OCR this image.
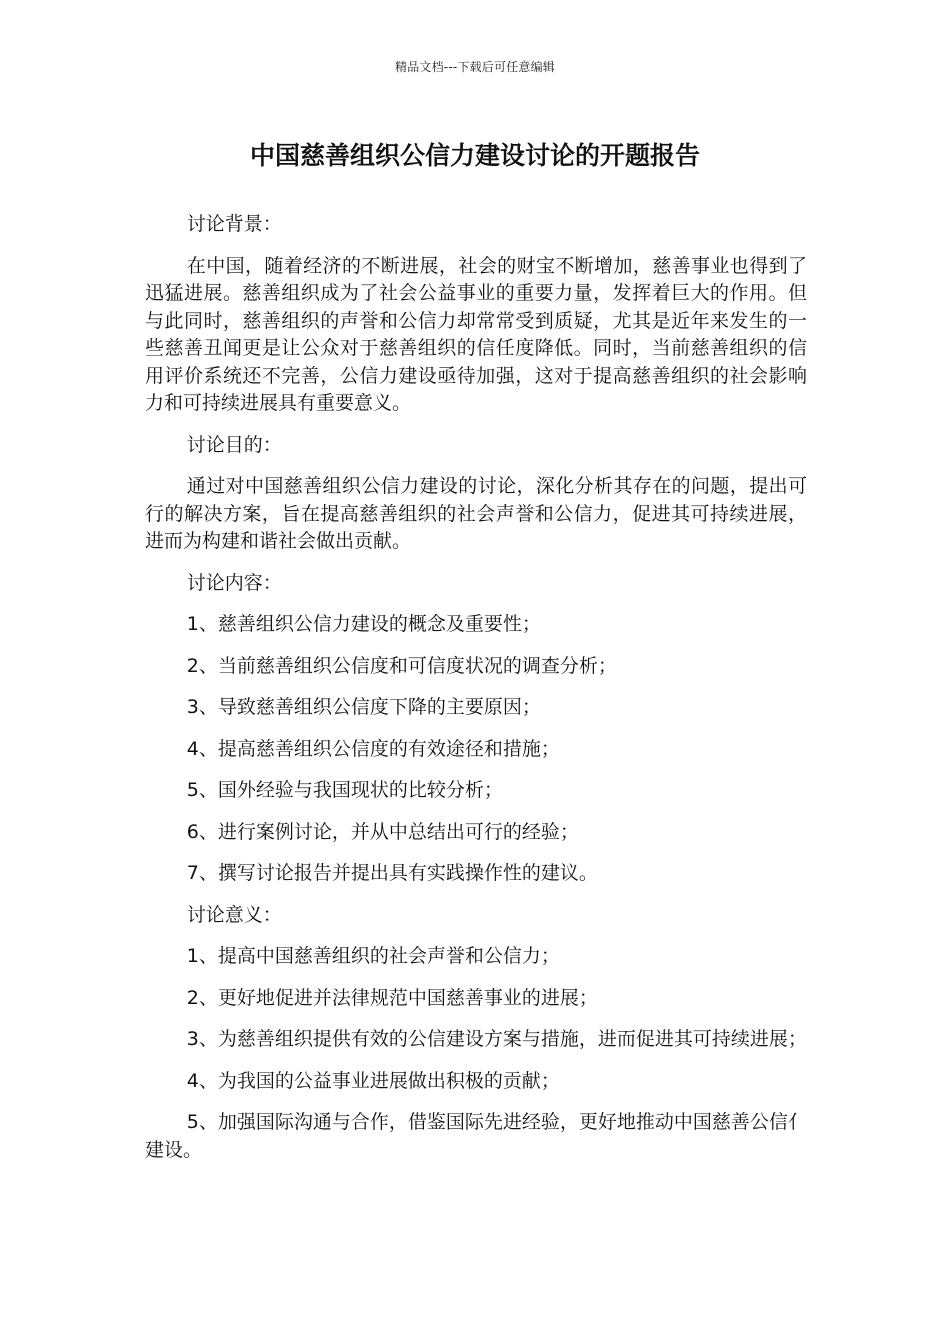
精品文档---下载后可任意编辑
中国慈善组织公信力建设讨论的开题报告

讨论背景：

在中国，随着经济的不断进展，社会的财宝不断增加，慈善事业也得到了迅猛进展。慈善组织成为了社会公益事业的重要力量，发挥着巨大的作用。但与此同时，慈善组织的声誉和公信力却常常受到质疑，尤其是近年来发生的一些慈善丑闻更是让公众对于慈善组织的信任度降低。同时，当前慈善组织的信用评价系统还不完善，公信力建设亟待加强，这对于提高慈善组织的社会影响力和可持续进展具有重要意义。

讨论目的：

通过对中国慈善组织公信力建设的讨论，深化分析其存在的问题，提出可行的解决方案，旨在提高慈善组织的社会声誉和公信力，促进其可持续进展，进而为构建和谐社会做出贡献。

讨论内容：

1、慈善组织公信力建设的概念及重要性；

2、当前慈善组织公信度和可信度状况的调查分析；

3、导致慈善组织公信度下降的主要原因；

4、提高慈善组织公信度的有效途径和措施；

5、国外经验与我国现状的比较分析；

6、进行案例讨论，并从中总结出可行的经验；

7、撰写讨论报告并提出具有实践操作性的建议。

讨论意义：

1、提高中国慈善组织的社会声誉和公信力；

2、更好地促进并法律规范中国慈善事业的进展；

3、为慈善组织提供有效的公信建设方案与措施，进而促进其可持续进展；

4、为我国的公益事业进展做出积极的贡献；

5、加强国际沟通与合作，借鉴国际先进经验，更好地推动中国慈善公信亻建设。
